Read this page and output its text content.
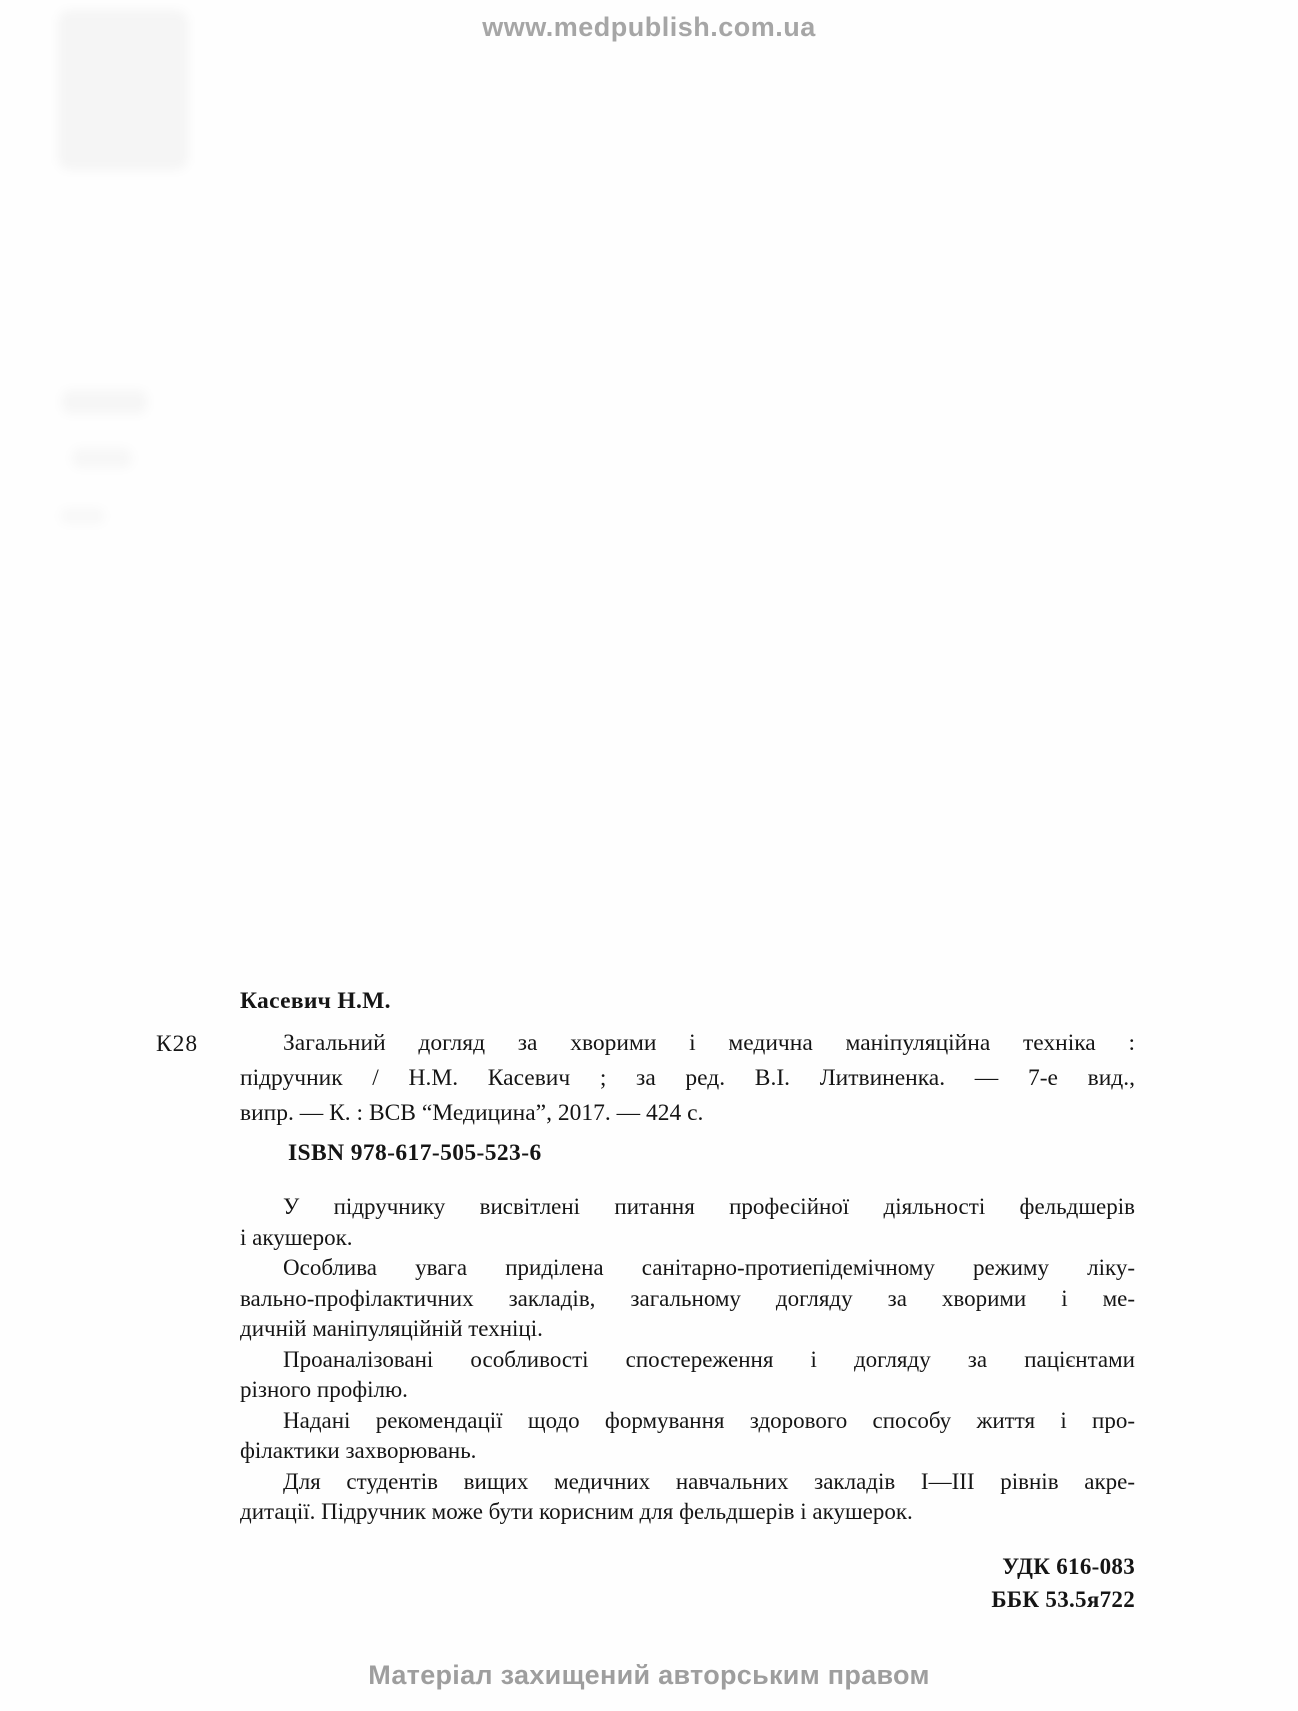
www.medpublish.com.ua
Касевич Н.М.
К28	Загальний догляд за хворими і медична маніпуляційна техніка :
підручник / Н.М. Касевич ; за ред. В.І. Литвиненка. — 7-е вид.,
випр. — К. : ВСВ “Медицина”, 2017. — 424 с.
ISBN 978-617-505-523-6
У підручнику висвітлені питання професійної діяльності фельдшерів
і акушерок.
Особлива увага приділена санітарно-протиепідемічному режиму ліку-
вально-профілактичних закладів, загальному догляду за хворими і ме-
дичній маніпуляційній техніці.
Проаналізовані особливості спостереження і догляду за пацієнтами
різного профілю.
Надані рекомендації щодо формування здорового способу життя і про-
філактики захворювань.
Для студентів вищих медичних навчальних закладів І—ІІІ рівнів акре-
дитації. Підручник може бути корисним для фельдшерів і акушерок.
УДК 616-083
ББК 53.5я722
Матеріал захищений авторським правом
